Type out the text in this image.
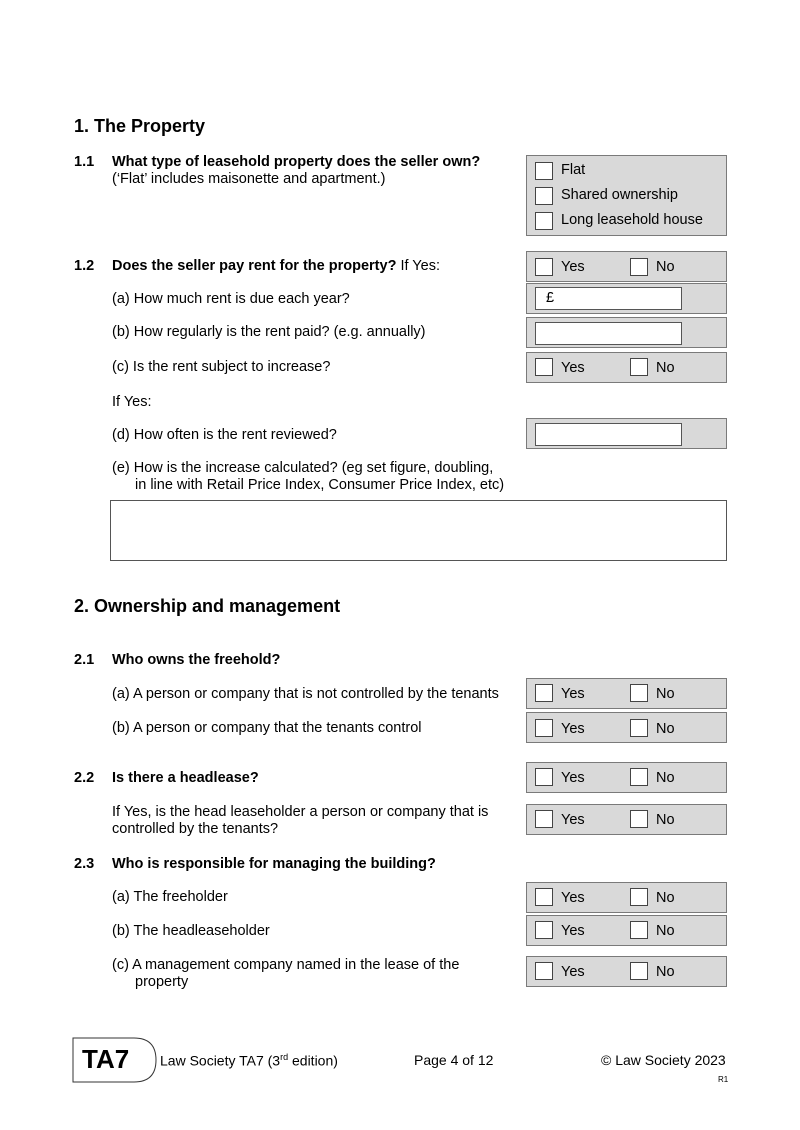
1. The Property
1.1 What type of leasehold property does the seller own?
(‘Flat’ includes maisonette and apartment.)
Flat
Shared ownership
Long leasehold house
1.2 Does the seller pay rent for the property? If Yes:	Yes	No
(a) How much rent is due each year?	£
(b) How regularly is the rent paid? (e.g. annually)
(c) Is the rent subject to increase?	Yes	No
If Yes:
(d) How often is the rent reviewed?
(e) How is the increase calculated? (eg set figure, doubling,
in line with Retail Price Index, Consumer Price Index, etc)
2. Ownership and management
2.1 Who owns the freehold?
(a) A person or company that is not controlled by the tenants	Yes	No
(b) A person or company that the tenants control	Yes	No
2.2 Is there a headlease?	Yes	No
If Yes, is the head leaseholder a person or company that is
controlled by the tenants?
Yes	No
2.3 Who is responsible for managing the building?
(a) The freeholder	Yes	No
(b) The headleaseholder	Yes	No
(c) A management company named in the lease of the
property
Yes	No
TA7 Law Society TA7 (3rd edition)	Page 4 of 12	© Law Society 2023
R1
